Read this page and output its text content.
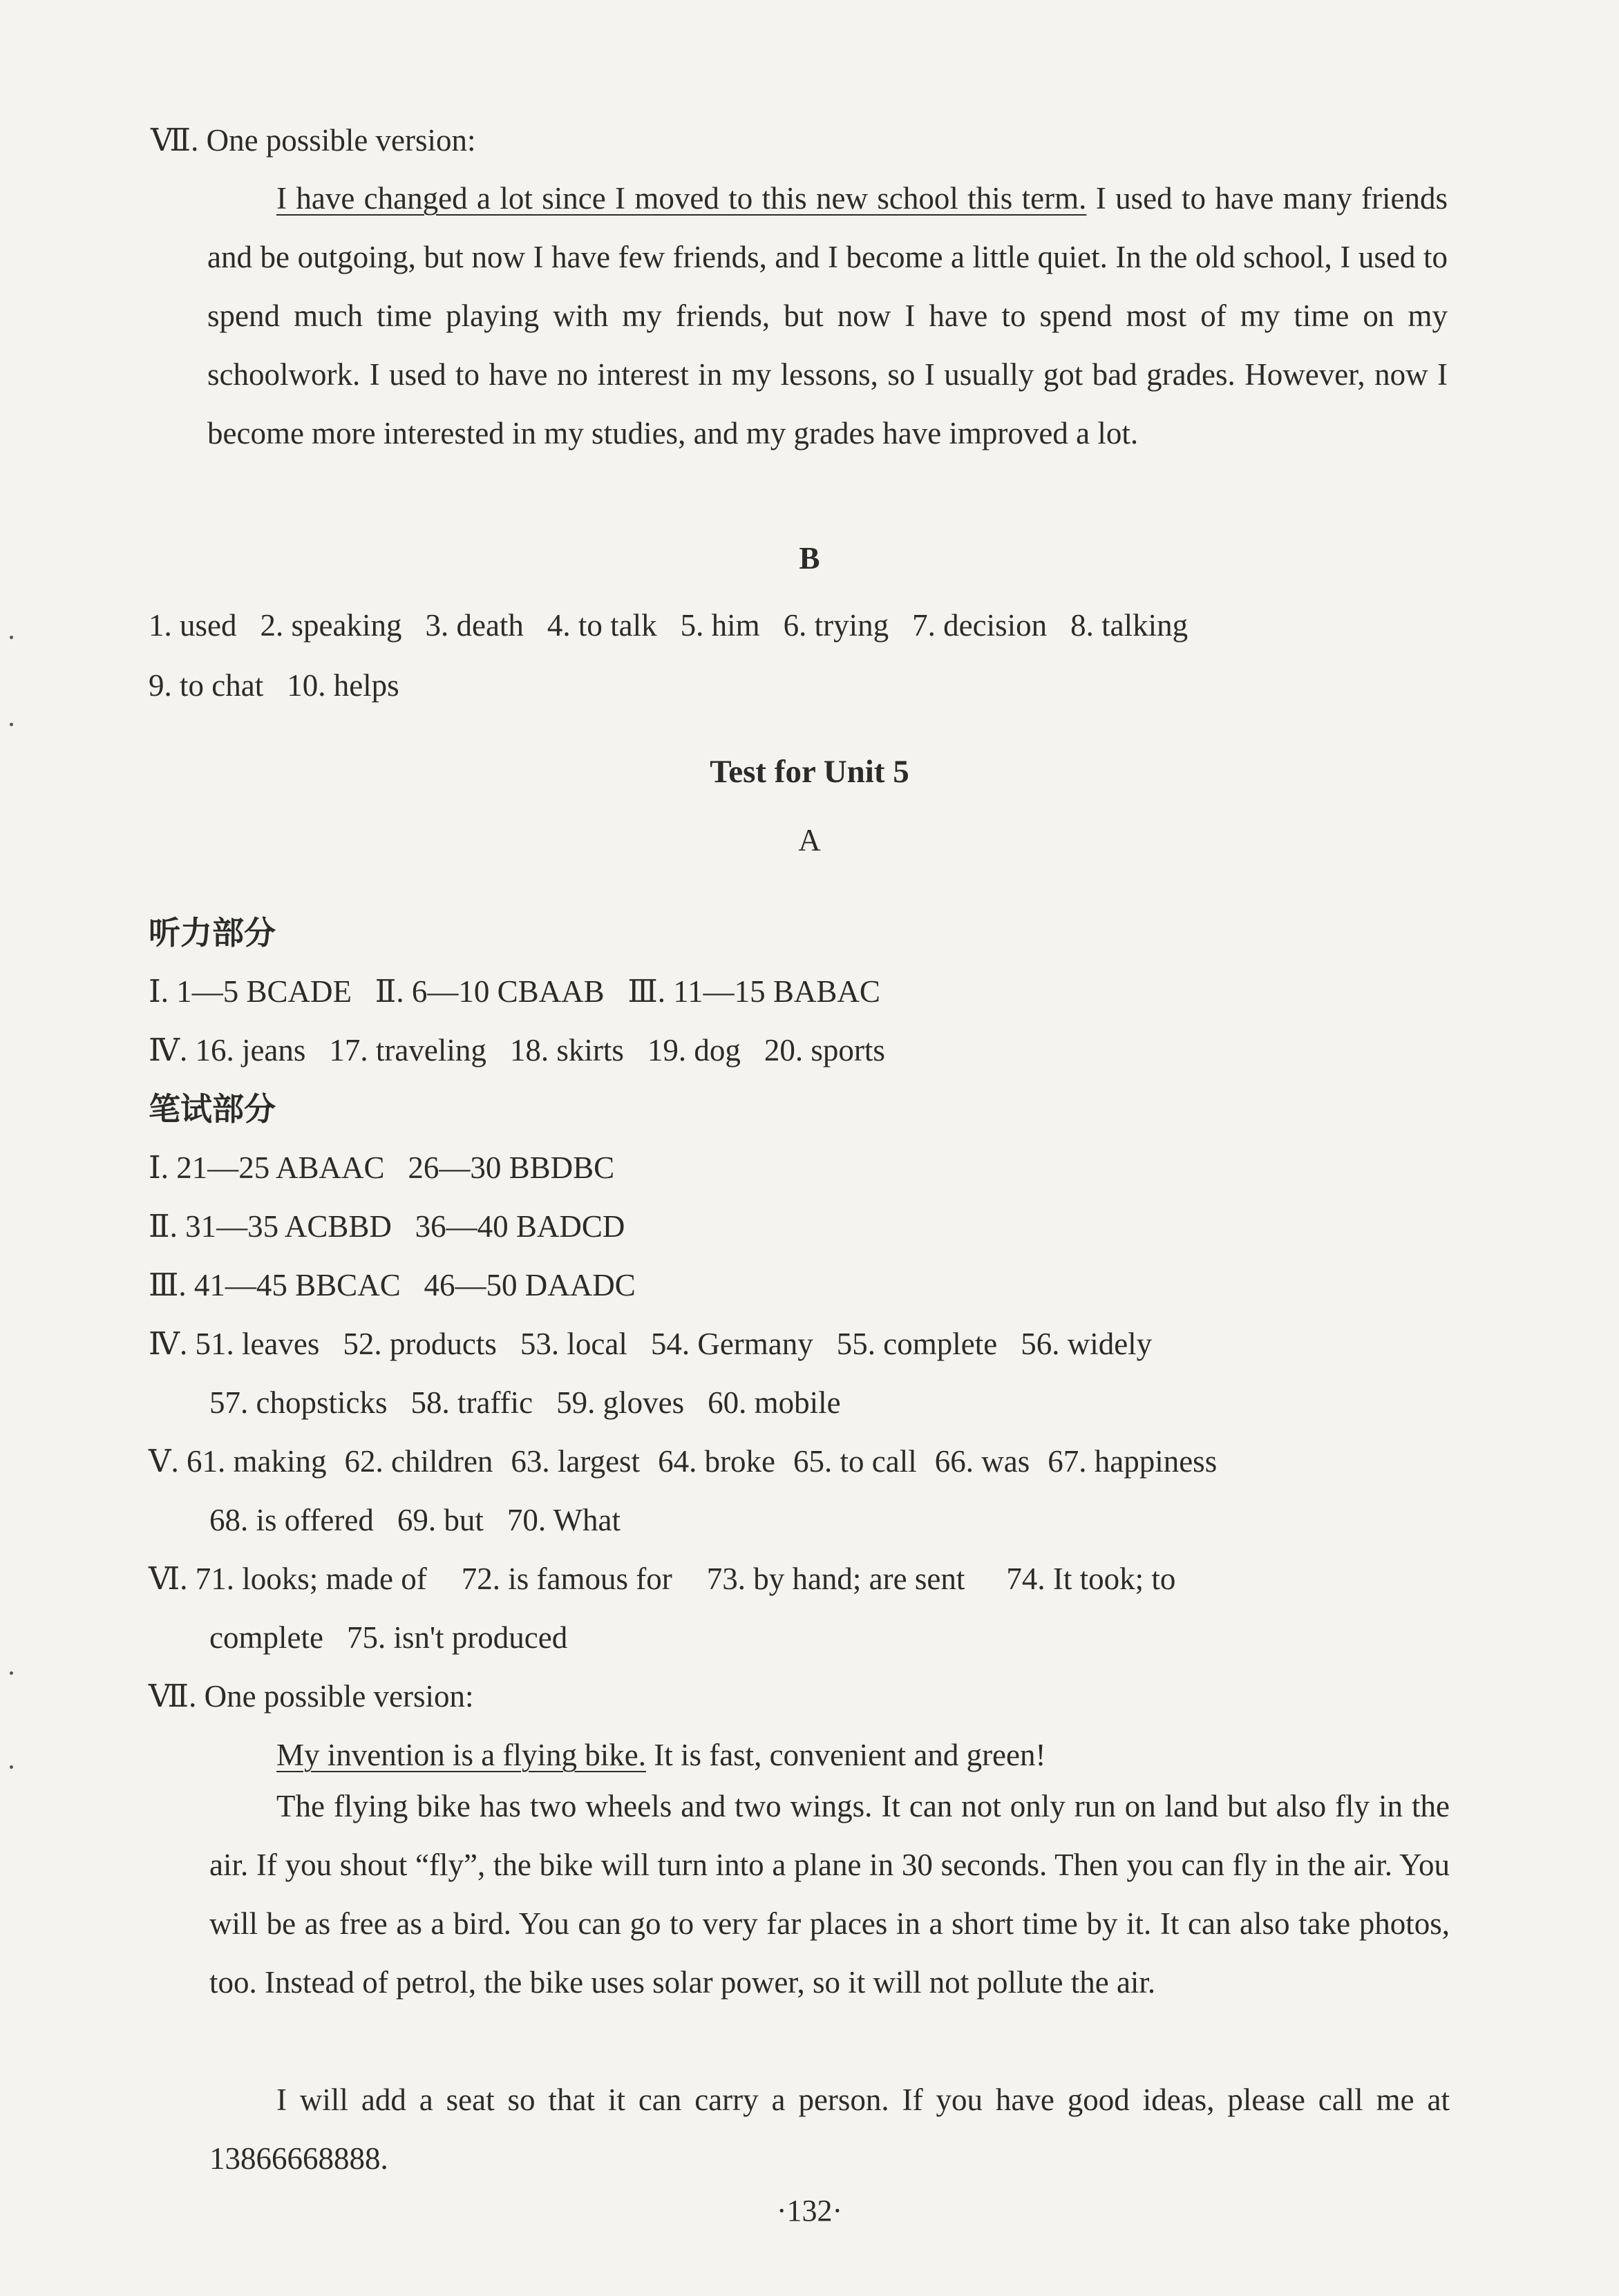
Ⅶ. One possible version:
I have changed a lot since I moved to this new school this term. I used to have many friends and be outgoing, but now I have few friends, and I become a little quiet. In the old school, I used to spend much time playing with my friends, but now I have to spend most of my time on my schoolwork. I used to have no interest in my lessons, so I usually got bad grades. However, now I become more interested in my studies, and my grades have improved a lot.
B
1. used 2. speaking 3. death 4. to talk 5. him 6. trying 7. decision 8. talking
9. to chat 10. helps
Test for Unit 5
A
听力部分
Ⅰ. 1—5 BCADE   Ⅱ. 6—10 CBAAB   Ⅲ. 11—15 BABAC
Ⅳ. 16. jeans 17. traveling 18. skirts 19. dog 20. sports
笔试部分
Ⅰ. 21—25 ABAAC   26—30 BBDBC
Ⅱ. 31—35 ACBBD   36—40 BADCD
Ⅲ. 41—45 BBCAC   46—50 DAADC
Ⅳ. 51. leaves 52. products 53. local 54. Germany 55. complete 56. widely
57. chopsticks 58. traffic 59. gloves 60. mobile
Ⅴ. 61. making 62. children 63. largest 64. broke 65. to call 66. was 67. happiness
68. is offered 69. but 70. What
Ⅵ. 71. looks; made of 72. is famous for 73. by hand; are sent 74. It took; to
complete 75. isn't produced
Ⅶ. One possible version:
My invention is a flying bike. It is fast, convenient and green!
The flying bike has two wheels and two wings. It can not only run on land but also fly in the air. If you shout “fly”, the bike will turn into a plane in 30 seconds. Then you can fly in the air. You will be as free as a bird. You can go to very far places in a short time by it. It can also take photos, too. Instead of petrol, the bike uses solar power, so it will not pollute the air.
I will add a seat so that it can carry a person. If you have good ideas, please call me at 13866668888.
·132·
